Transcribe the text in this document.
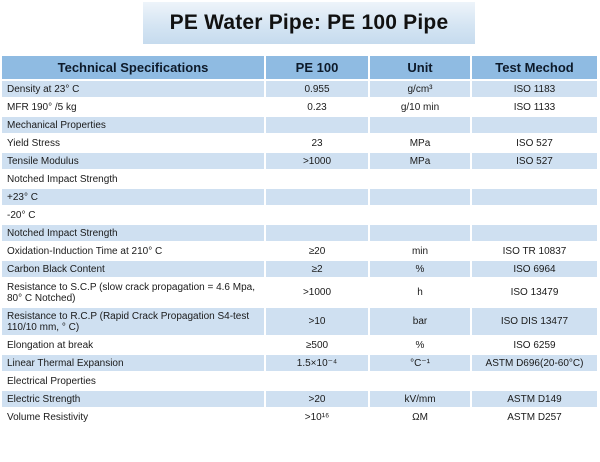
PE Water Pipe: PE 100 Pipe
Technical Specifications	PE 100	Unit	Test Mechod
Density at 23° C	0.955	g/cm³	ISO 1183
MFR 190° /5 kg	0.23	g/10 min	ISO 1133
Mechanical Properties			
Yield Stress	23	MPa	ISO 527
Tensile Modulus	>1000	MPa	ISO 527
Notched Impact Strength			
+23° C			
-20° C			
Notched Impact Strength			
Oxidation-Induction Time at 210° C	≥20	min	ISO TR 10837
Carbon Black Content	≥2	%	ISO 6964
Resistance to S.C.P (slow crack propagation = 4.6 Mpa, 80° C Notched)	>1000	h	ISO 13479
Resistance to R.C.P (Rapid Crack Propagation S4-test 110/10 mm, ° C)	>10	bar	ISO DIS 13477
Elongation at break	≥500	%	ISO 6259
Linear Thermal Expansion	1.5×10⁻⁴	°C⁻¹	ASTM D696(20-60°C)
Electrical Properties			
Electric Strength	>20	kV/mm	ASTM D149
Volume Resistivity	>10¹⁶	ΩM	ASTM D257
